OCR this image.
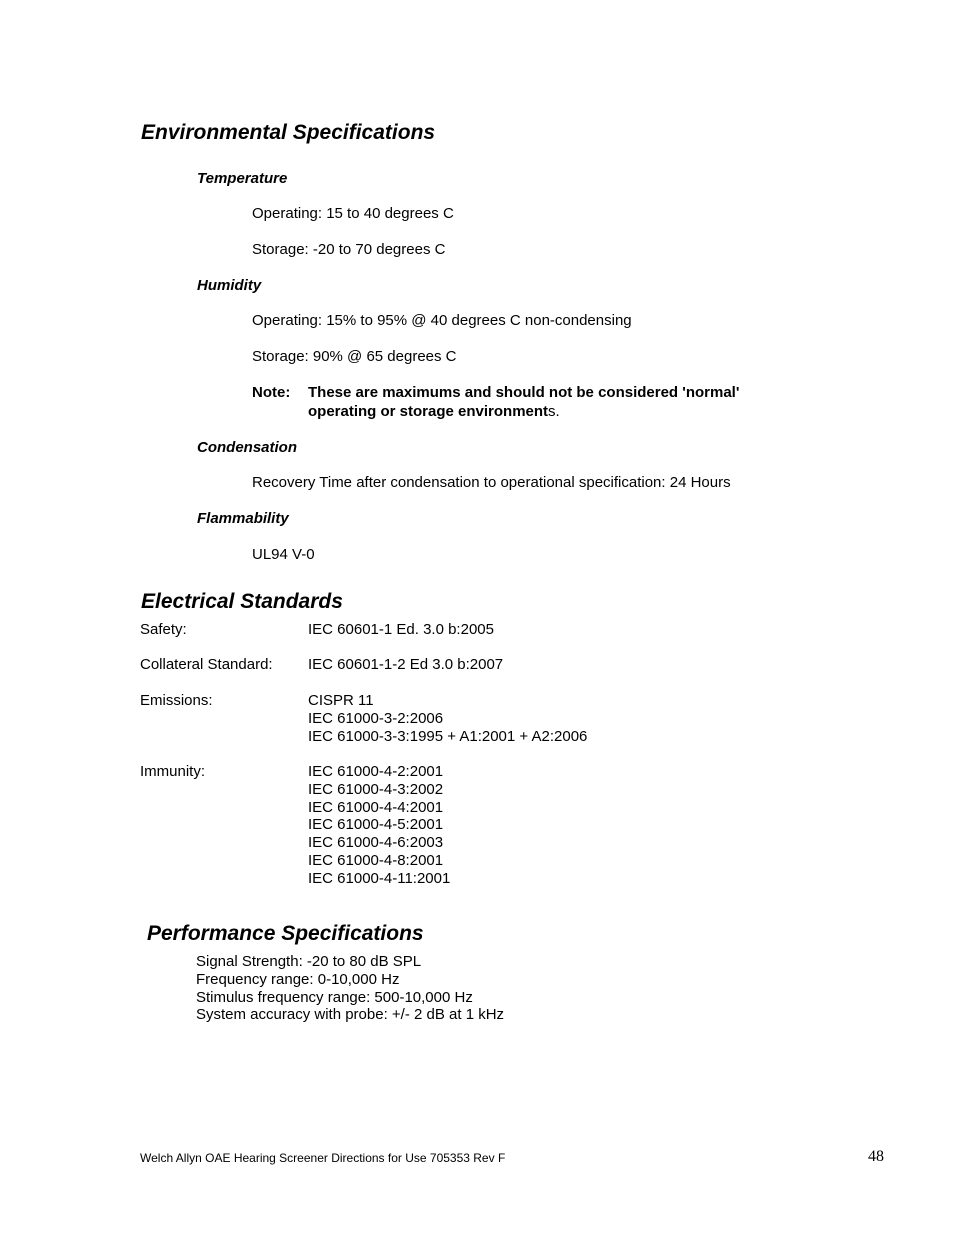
Environmental Specifications
Temperature
Operating: 15 to 40 degrees C
Storage: -20 to 70 degrees C
Humidity
Operating: 15% to 95% @ 40 degrees C non-condensing
Storage: 90% @ 65 degrees C
Note: These are maximums and should not be considered 'normal'
operating or storage environments.
Condensation
Recovery Time after condensation to operational specification: 24 Hours
Flammability
UL94 V-0
Electrical Standards
Safety:	IEC 60601-1 Ed. 3.0 b:2005
Collateral Standard: IEC 60601-1-2 Ed 3.0 b:2007
Emissions:	CISPR 11
IEC 61000-3-2:2006
IEC 61000-3-3:1995 + A1:2001 + A2:2006
Immunity:	IEC 61000-4-2:2001
IEC 61000-4-3:2002
IEC 61000-4-4:2001
IEC 61000-4-5:2001
IEC 61000-4-6:2003
IEC 61000-4-8:2001
IEC 61000-4-11:2001
Performance Specifications
Signal Strength: -20 to 80 dB SPL
Frequency range: 0-10,000 Hz
Stimulus frequency range: 500-10,000 Hz
System accuracy with probe: +/- 2 dB at 1 kHz
Welch Allyn OAE Hearing Screener Directions for Use 705353 Rev F	48
